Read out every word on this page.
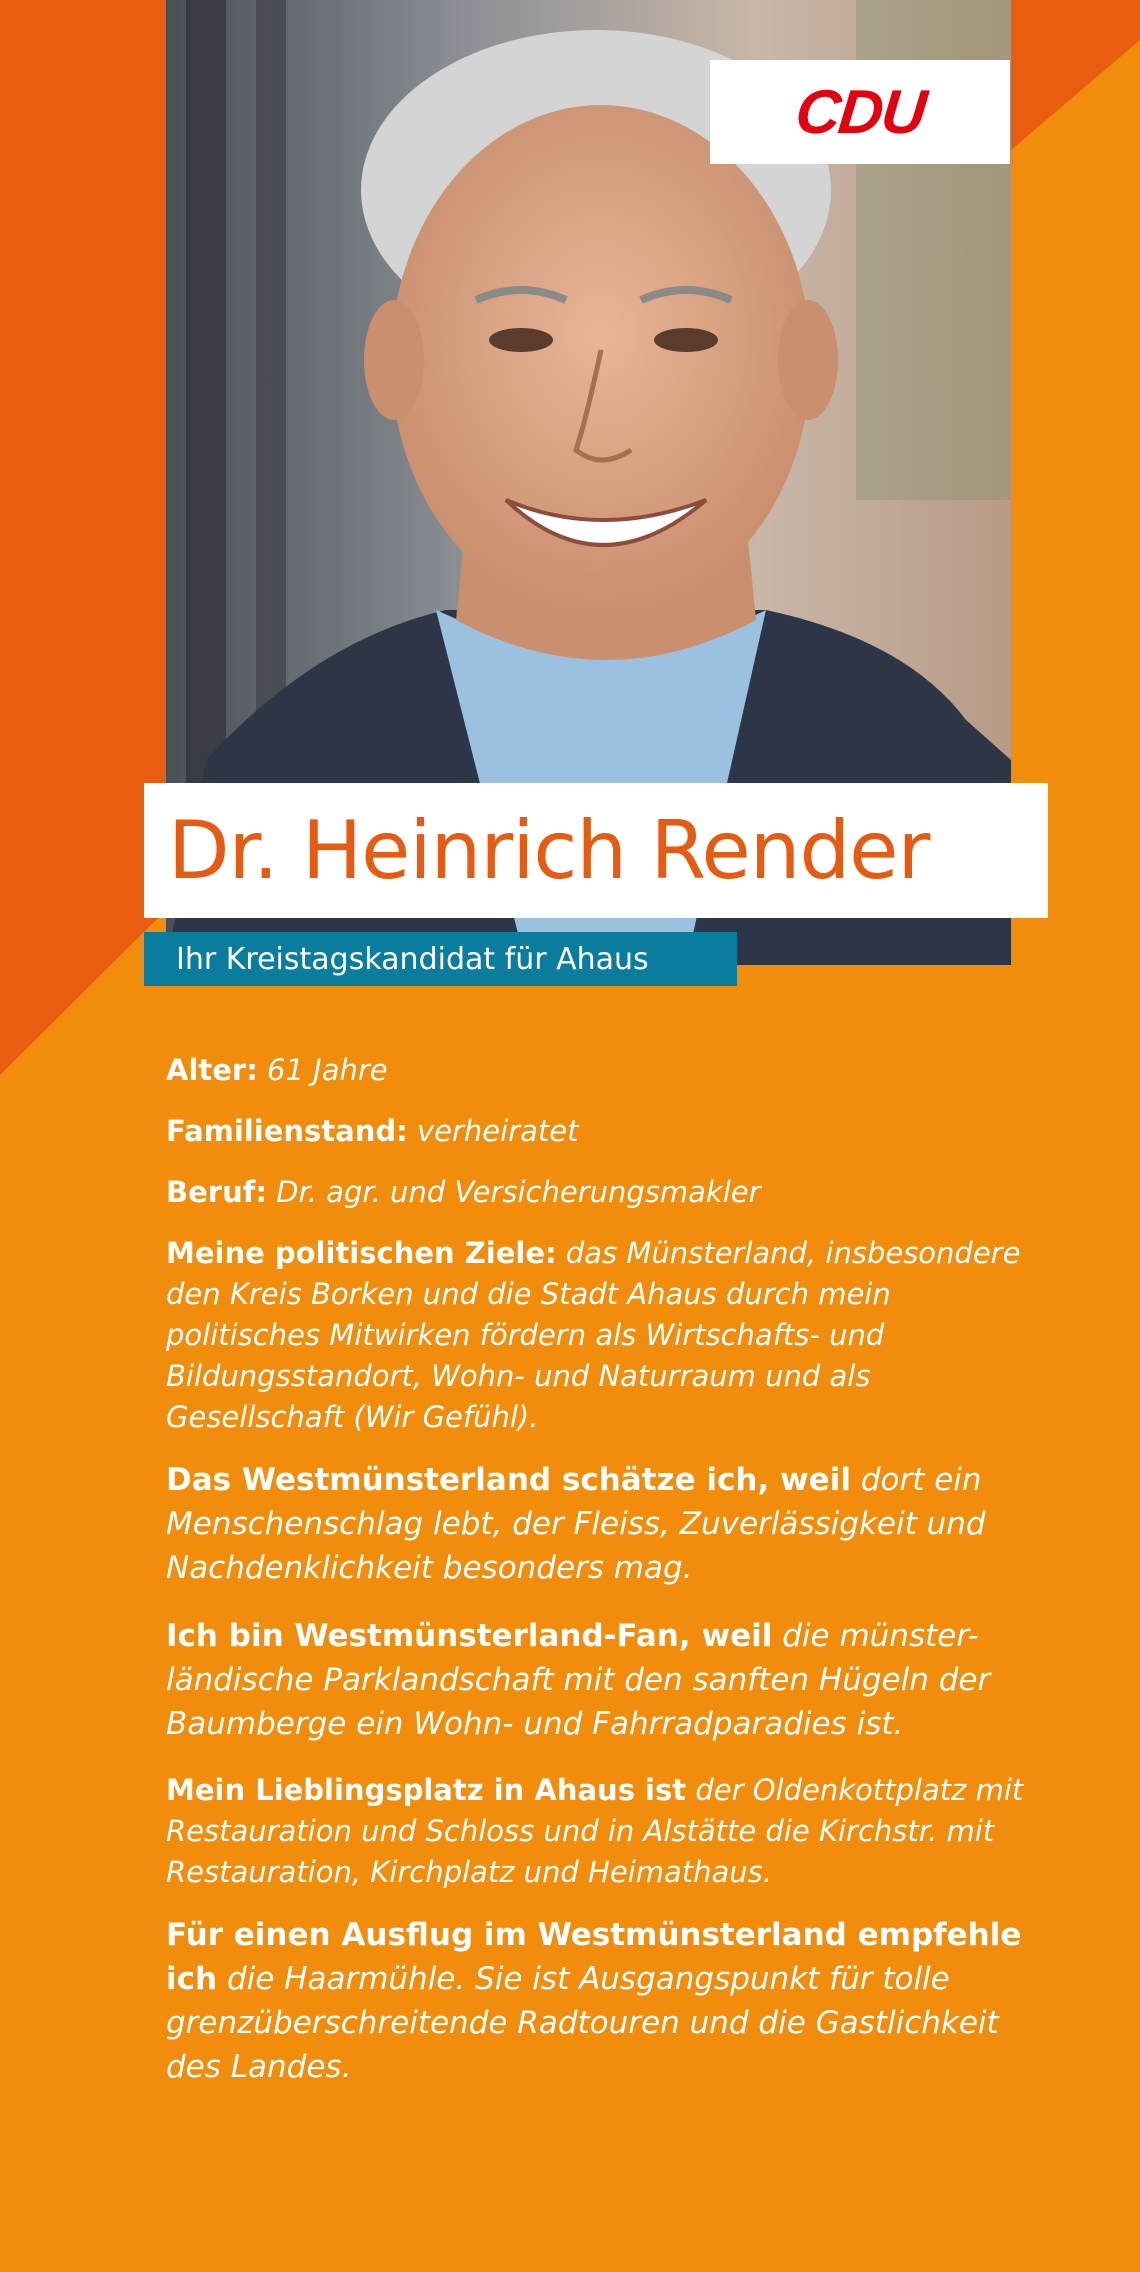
CDU
Dr. Heinrich Render
Ihr Kreistagskandidat für Ahaus

Alter: 61 Jahre

Familienstand: verheiratet

Beruf: Dr. agr. und Versicherungsmakler

Meine politischen Ziele: das Münsterland, insbesondere den Kreis Borken und die Stadt Ahaus durch mein politisches Mitwirken fördern als Wirtschafts- und Bildungsstandort, Wohn- und Naturraum und als Gesellschaft (Wir Gefühl).

Das Westmünsterland schätze ich, weil dort ein Menschenschlag lebt, der Fleiss, Zuverlässigkeit und Nachdenklichkeit besonders mag.

Ich bin Westmünsterland-Fan, weil die münster-ländische Parklandschaft mit den sanften Hügeln der Baumberge ein Wohn- und Fahrradparadies ist.

Mein Lieblingsplatz in Ahaus ist der Oldenkottplatz mit Restauration und Schloss und in Alstätte die Kirchstr. mit Restauration, Kirchplatz und Heimathaus.

Für einen Ausflug im Westmünsterland empfehle ich die Haarmühle. Sie ist Ausgangspunkt für tolle grenzüberschreitende Radtouren und die Gastlichkeit des Landes.
